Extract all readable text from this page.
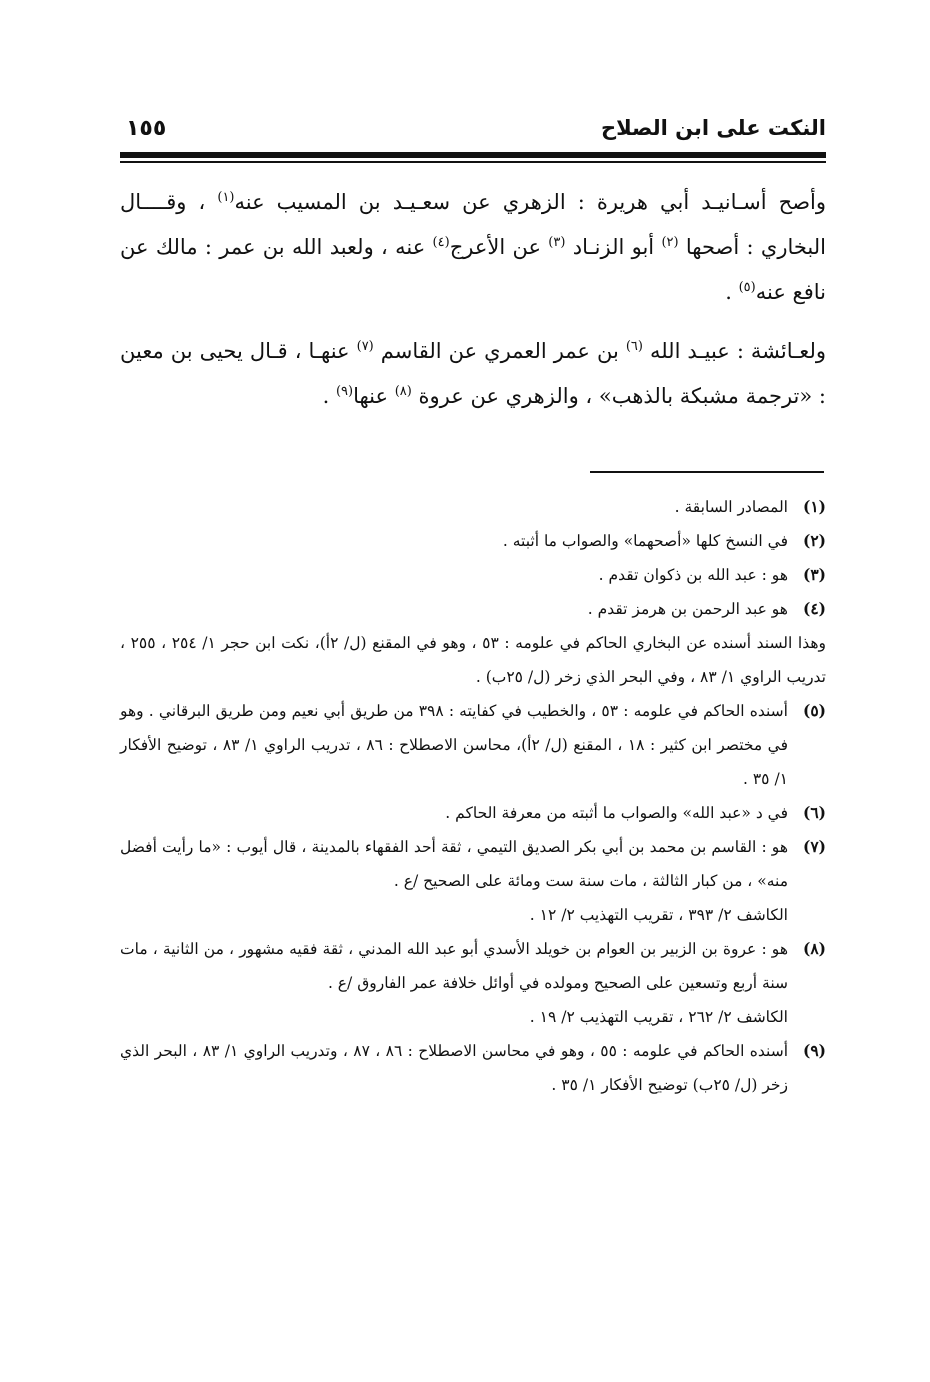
النكت على ابن الصلاح
١٥٥

وأصح أسـانيـد أبي هريرة : الزهري عن سعـيـد بن المسيب عنه$^{(١)}$ ، وقــــال البخاري : أصحها $^{(٢)}$ أبو الزنـاد $^{(٣)}$ عن الأعرج$^{(٤)}$ عنه ، ولعبد الله بن عمر : مالك عن نافع عنه$^{(٥)}$ .

ولعـائشة : عبيـد الله $^{(٦)}$ بن عمر العمري عن القاسم $^{(٧)}$ عنهـا ، قـال يحيى بن معين : «ترجمة مشبكة بالذهب» ، والزهري عن عروة $^{(٨)}$ عنها$^{(٩)}$ .

(١)
المصادر السابقة .
(٢)
في النسخ كلها «أصحهما» والصواب ما أثبته .
(٣)
هو : عبد الله بن ذكوان تقدم .
(٤)
هو عبد الرحمن بن هرمز تقدم .
وهذا السند أسنده عن البخاري الحاكم في علومه : ٥٣ ، وهو في المقنع (ل/ ٢أ)، نكت ابن حجر ١/ ٢٥٤ ، ٢٥٥ ، تدريب الراوي ١/ ٨٣ ، وفي البحر الذي زخر (ل/ ٢٥ب) .
(٥)
أسنده الحاكم في علومه : ٥٣ ، والخطيب في كفايته : ٣٩٨ من طريق أبي نعيم ومن طريق البرقاني . وهو في مختصر ابن كثير : ١٨ ، المقنع (ل/ ٢أ)، محاسن الاصطلاح : ٨٦ ، تدريب الراوي ١/ ٨٣ ، توضيح الأفكار ١/ ٣٥ .
(٦)
في د «عبد الله» والصواب ما أثبته من معرفة الحاكم .
(٧)
هو : القاسم بن محمد بن أبي بكر الصديق التيمي ، ثقة أحد الفقهاء بالمدينة ، قال أيوب : «ما رأيت أفضل منه» ، من كبار الثالثة ، مات سنة ست ومائة على الصحيح /ع .
الكاشف ٢/ ٣٩٣ ، تقريب التهذيب ٢/ ١٢ .
(٨)
هو : عروة بن الزبير بن العوام بن خويلد الأسدي أبو عبد الله المدني ، ثقة فقيه مشهور ، من الثانية ، مات سنة أربع وتسعين على الصحيح ومولده في أوائل خلافة عمر الفاروق /ع .
الكاشف ٢/ ٢٦٢ ، تقريب التهذيب ٢/ ١٩ .
(٩)
أسنده الحاكم في علومه : ٥٥ ، وهو في محاسن الاصطلاح : ٨٦ ، ٨٧ ، وتدريب الراوي ١/ ٨٣ ، البحر الذي زخر (ل/ ٢٥ب) توضيح الأفكار ١/ ٣٥ .
